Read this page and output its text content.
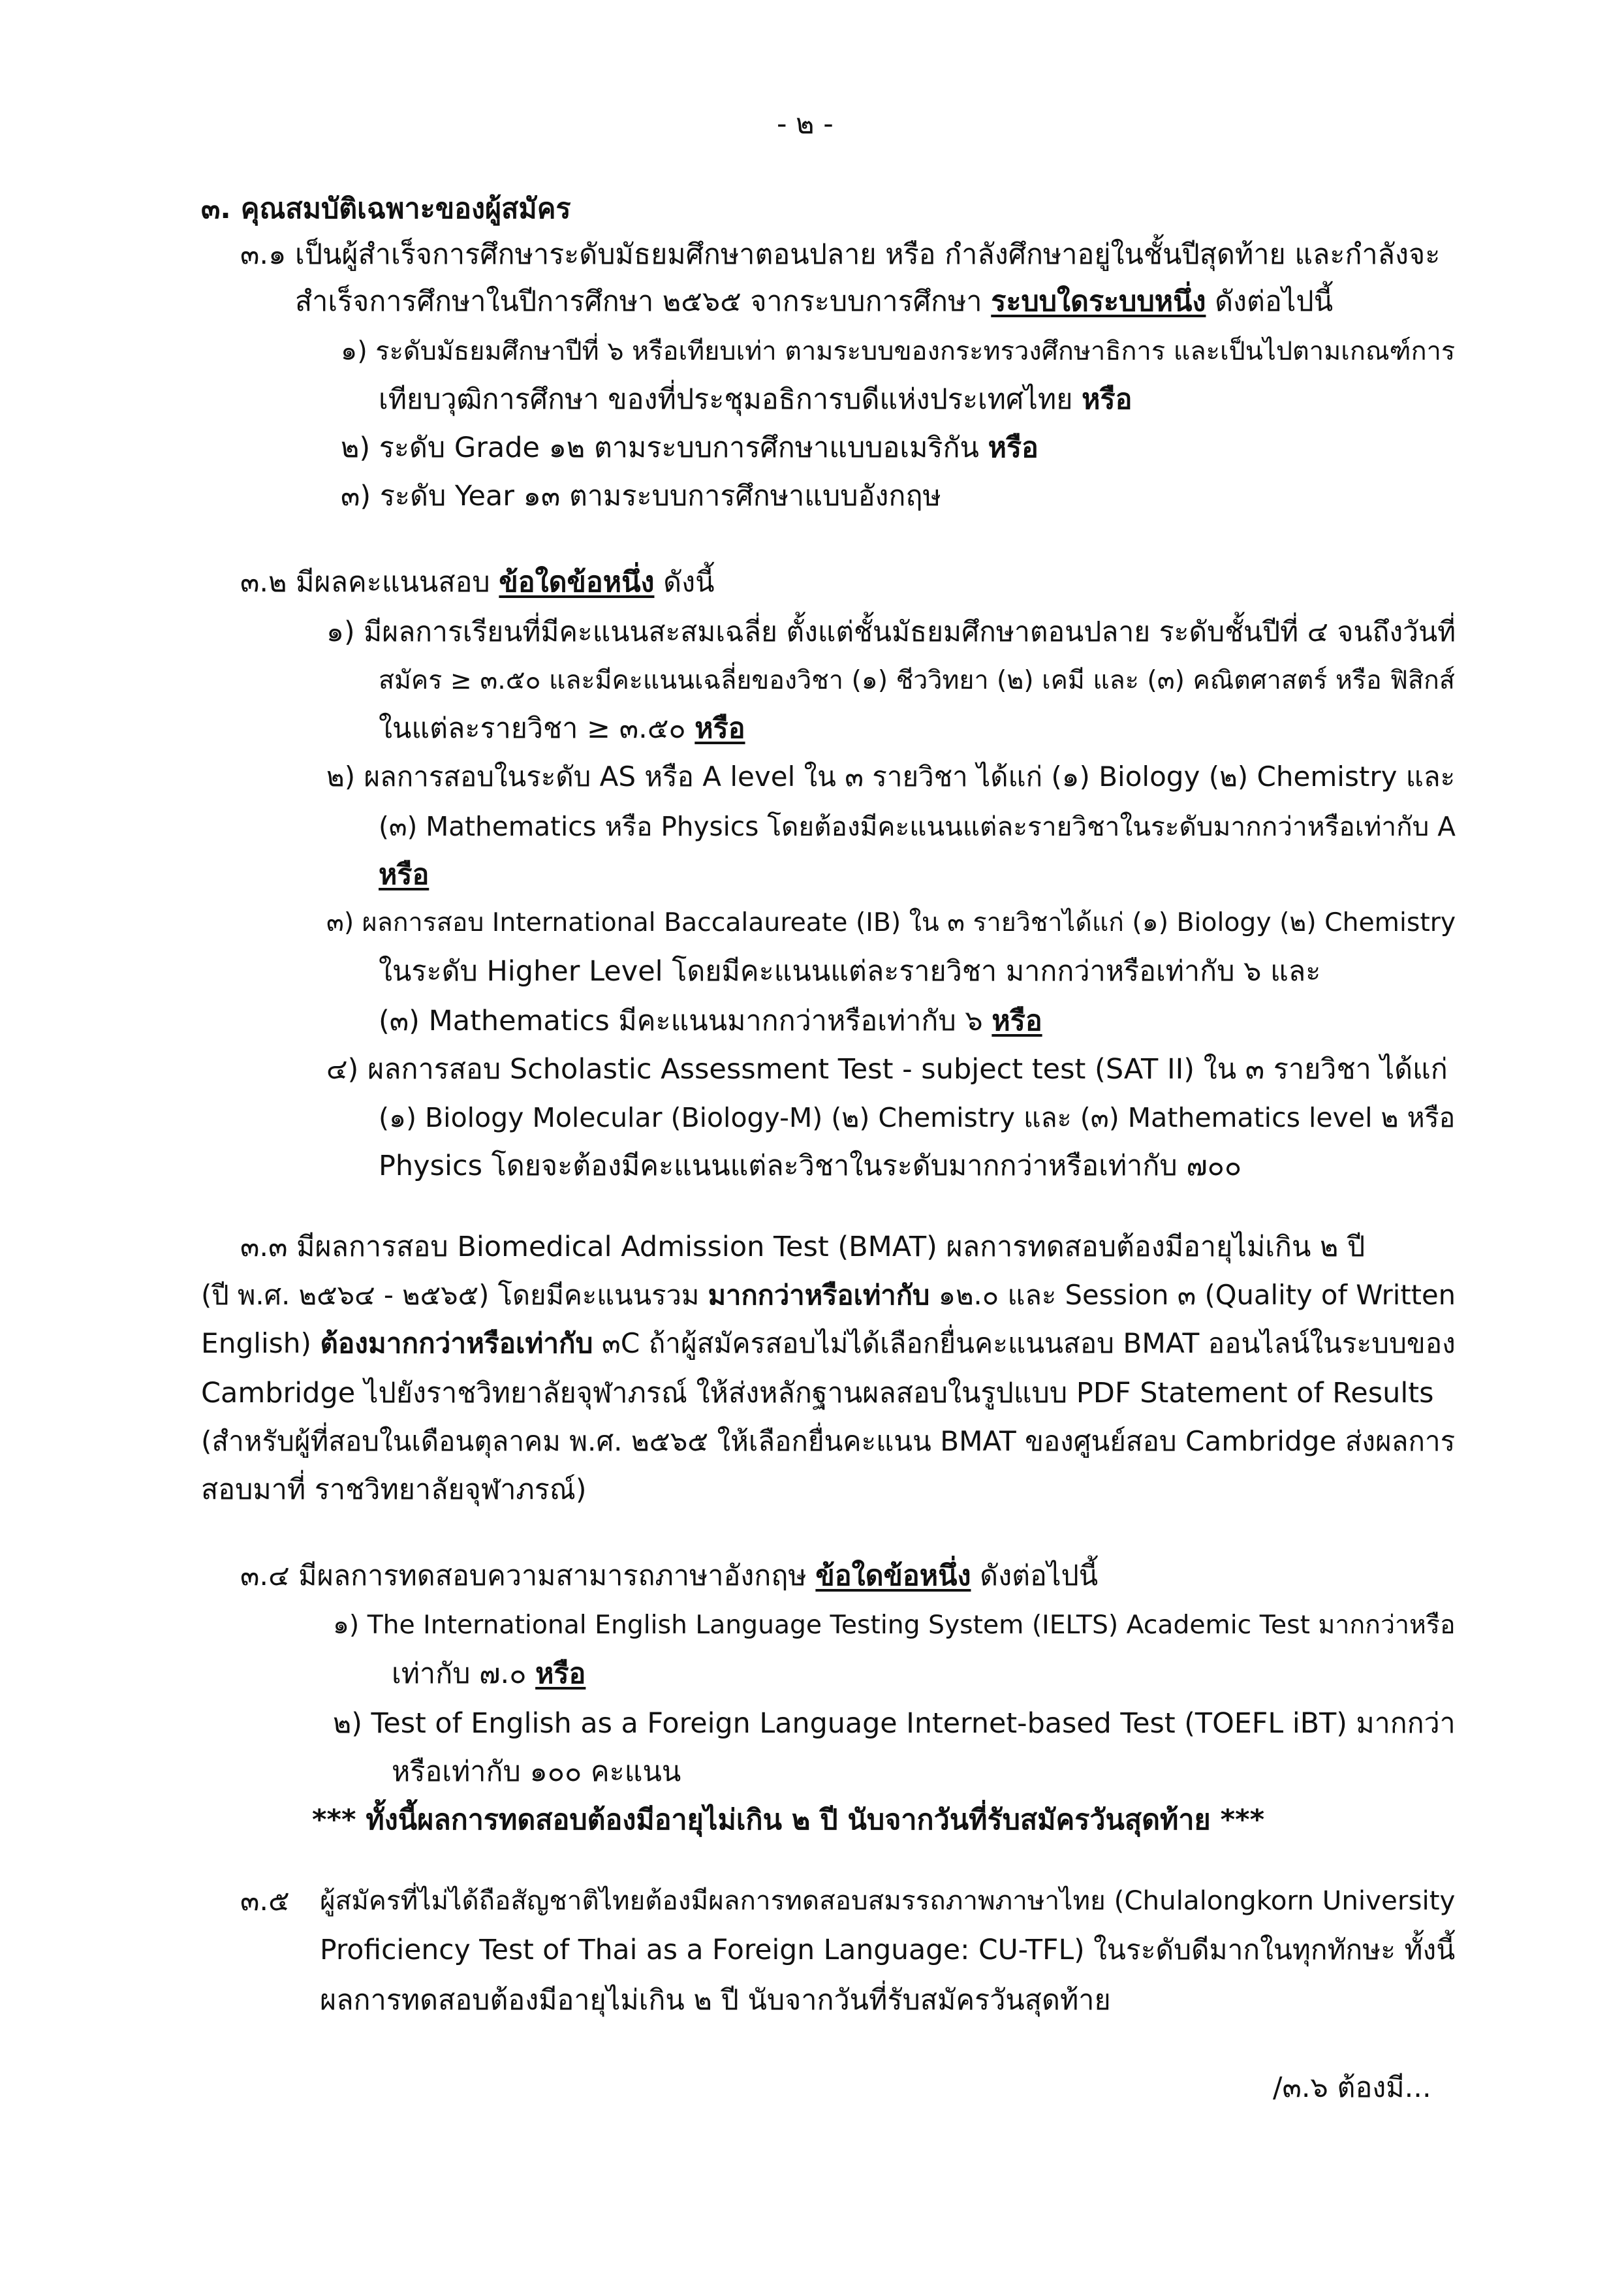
- ๒ -
๓. คุณสมบัติเฉพาะของผู้สมัคร
๓.๑ เป็นผู้สำเร็จการศึกษาระดับมัธยมศึกษาตอนปลาย หรือ กำลังศึกษาอยู่ในชั้นปีสุดท้าย และกำลังจะ
สำเร็จการศึกษาในปีการศึกษา ๒๕๖๕ จากระบบการศึกษา ระบบใดระบบหนึ่ง ดังต่อไปนี้
๑) ระดับมัธยมศึกษาปีที่ ๖ หรือเทียบเท่า ตามระบบของกระทรวงศึกษาธิการ และเป็นไปตามเกณฑ์การ
เทียบวุฒิการศึกษา ของที่ประชุมอธิการบดีแห่งประเทศไทย หรือ
๒) ระดับ Grade ๑๒ ตามระบบการศึกษาแบบอเมริกัน หรือ
๓) ระดับ Year ๑๓ ตามระบบการศึกษาแบบอังกฤษ
๓.๒ มีผลคะแนนสอบ ข้อใดข้อหนึ่ง ดังนี้
๑) มีผลการเรียนที่มีคะแนนสะสมเฉลี่ย ตั้งแต่ชั้นมัธยมศึกษาตอนปลาย ระดับชั้นปีที่ ๔ จนถึงวันที่
สมัคร ≥ ๓.๕๐ และมีคะแนนเฉลี่ยของวิชา (๑) ชีววิทยา (๒) เคมี และ (๓) คณิตศาสตร์ หรือ ฟิสิกส์
ในแต่ละรายวิชา ≥ ๓.๕๐ หรือ
๒) ผลการสอบในระดับ AS หรือ A level ใน ๓ รายวิชา ได้แก่ (๑) Biology (๒) Chemistry และ
(๓) Mathematics หรือ Physics โดยต้องมีคะแนนแต่ละรายวิชาในระดับมากกว่าหรือเท่ากับ A
หรือ
๓) ผลการสอบ International Baccalaureate (IB) ใน ๓ รายวิชาได้แก่ (๑) Biology (๒) Chemistry
ในระดับ Higher Level โดยมีคะแนนแต่ละรายวิชา มากกว่าหรือเท่ากับ ๖ และ
(๓) Mathematics มีคะแนนมากกว่าหรือเท่ากับ ๖ หรือ
๔) ผลการสอบ Scholastic Assessment Test - subject test (SAT II) ใน ๓ รายวิชา ได้แก่
(๑) Biology Molecular (Biology-M) (๒) Chemistry และ (๓) Mathematics level ๒ หรือ
Physics โดยจะต้องมีคะแนนแต่ละวิชาในระดับมากกว่าหรือเท่ากับ ๗๐๐
๓.๓ มีผลการสอบ Biomedical Admission Test (BMAT) ผลการทดสอบต้องมีอายุไม่เกิน ๒ ปี
(ปี พ.ศ. ๒๕๖๔ - ๒๕๖๕) โดยมีคะแนนรวม มากกว่าหรือเท่ากับ ๑๒.๐ และ Session ๓ (Quality of Written
English) ต้องมากกว่าหรือเท่ากับ ๓C ถ้าผู้สมัครสอบไม่ได้เลือกยื่นคะแนนสอบ BMAT ออนไลน์ในระบบของ
Cambridge ไปยังราชวิทยาลัยจุฬาภรณ์ ให้ส่งหลักฐานผลสอบในรูปแบบ PDF Statement of Results
(สำหรับผู้ที่สอบในเดือนตุลาคม พ.ศ. ๒๕๖๕ ให้เลือกยื่นคะแนน BMAT ของศูนย์สอบ Cambridge ส่งผลการ
สอบมาที่ ราชวิทยาลัยจุฬาภรณ์)
๓.๔ มีผลการทดสอบความสามารถภาษาอังกฤษ ข้อใดข้อหนึ่ง ดังต่อไปนี้
๑) The International English Language Testing System (IELTS) Academic Test มากกว่าหรือ
เท่ากับ ๗.๐ หรือ
๒) Test of English as a Foreign Language Internet-based Test (TOEFL iBT) มากกว่า
หรือเท่ากับ ๑๐๐ คะแนน
*** ทั้งนี้ผลการทดสอบต้องมีอายุไม่เกิน ๒ ปี นับจากวันที่รับสมัครวันสุดท้าย ***
๓.๕ ผู้สมัครที่ไม่ได้ถือสัญชาติไทยต้องมีผลการทดสอบสมรรถภาพภาษาไทย (Chulalongkorn University
Proficiency Test of Thai as a Foreign Language: CU-TFL) ในระดับดีมากในทุกทักษะ ทั้งนี้
ผลการทดสอบต้องมีอายุไม่เกิน ๒ ปี นับจากวันที่รับสมัครวันสุดท้าย
/๓.๖ ต้องมี...
